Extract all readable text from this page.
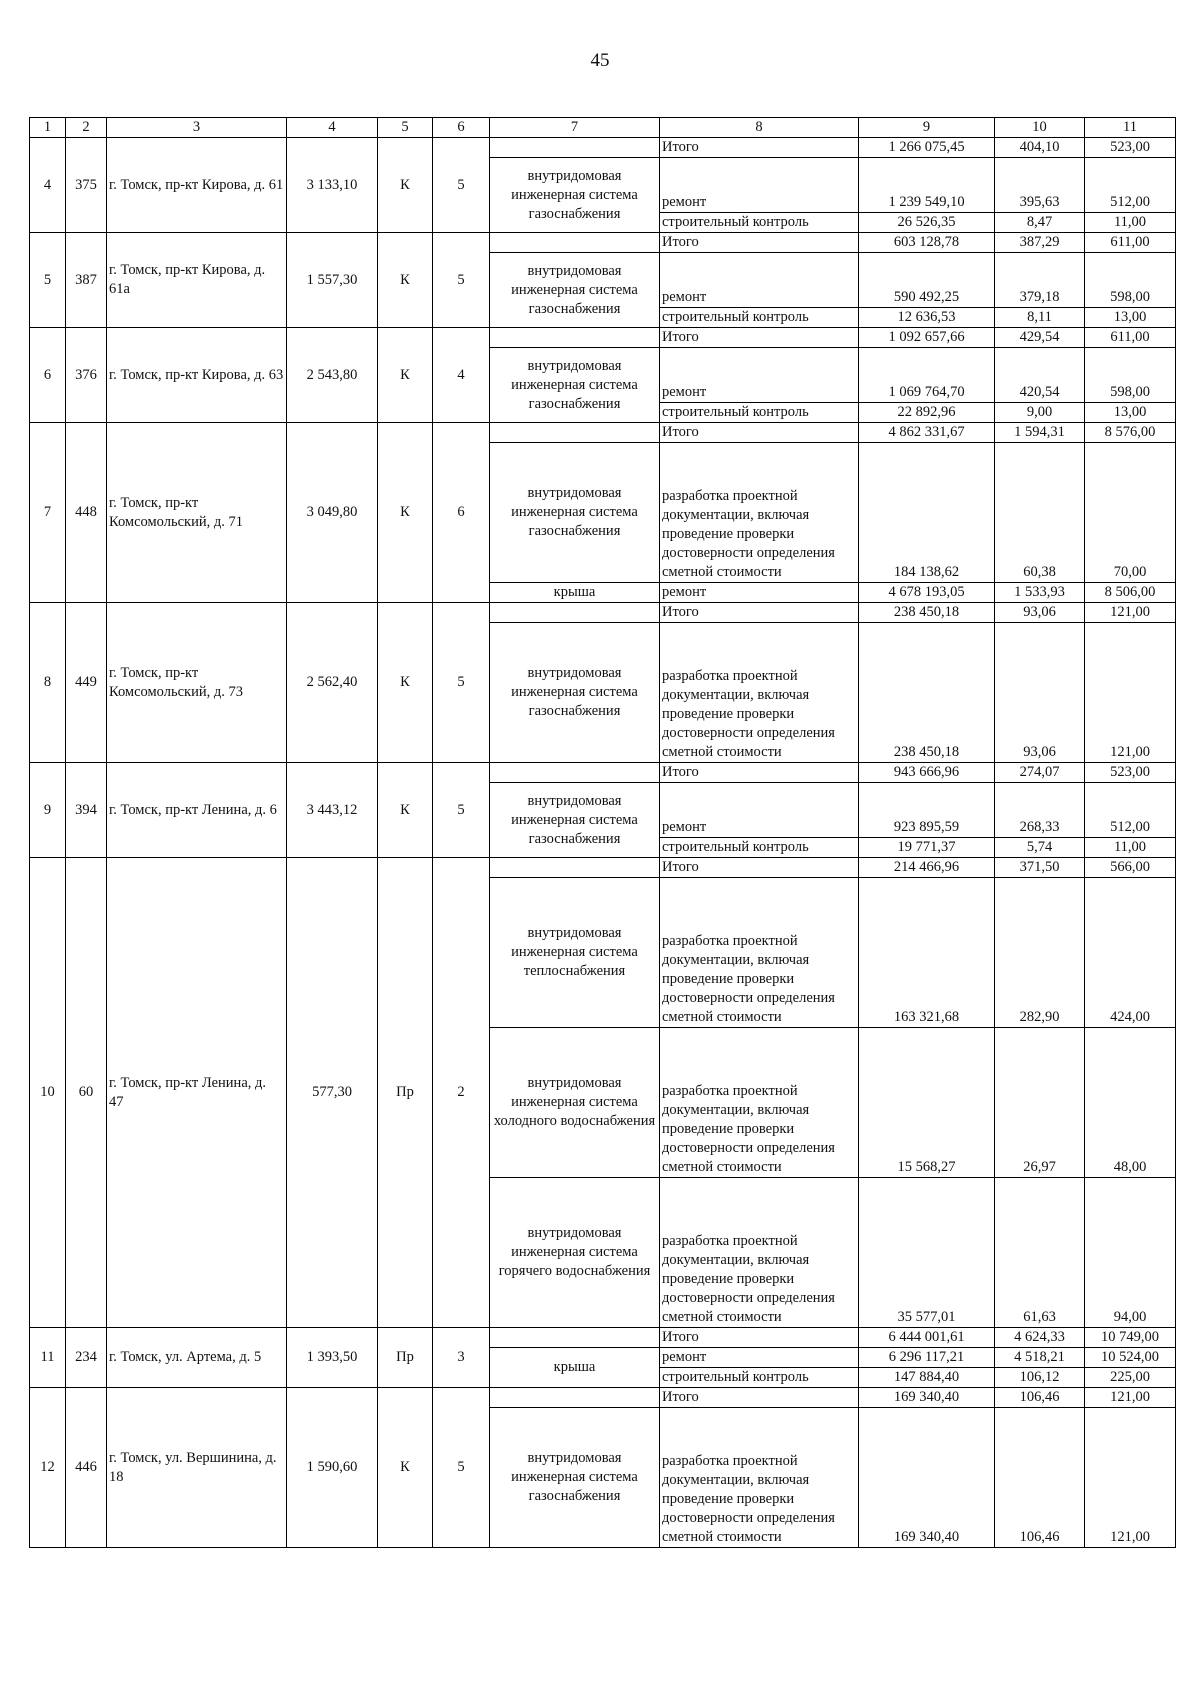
45
1	2	3	4	5	6	7	8	9	10	11
4	375	г. Томск, пр-кт Кирова, д. 61	3 133,10	К	5		Итого	1 266 075,45	404,10	523,00
						внутридомовая инженерная система газоснабжения	ремонт	1 239 549,10	395,63	512,00
							строительный контроль	26 526,35	8,47	11,00
5	387	г. Томск, пр-кт Кирова, д. 61а	1 557,30	К	5		Итого	603 128,78	387,29	611,00
						внутридомовая инженерная система газоснабжения	ремонт	590 492,25	379,18	598,00
							строительный контроль	12 636,53	8,11	13,00
6	376	г. Томск, пр-кт Кирова, д. 63	2 543,80	К	4		Итого	1 092 657,66	429,54	611,00
						внутридомовая инженерная система газоснабжения	ремонт	1 069 764,70	420,54	598,00
							строительный контроль	22 892,96	9,00	13,00
7	448	г. Томск, пр-кт Комсомольский, д. 71	3 049,80	К	6		Итого	4 862 331,67	1 594,31	8 576,00
						внутридомовая инженерная система газоснабжения	разработка проектной документации, включая проведение проверки достоверности определения сметной стоимости	184 138,62	60,38	70,00
						крыша	ремонт	4 678 193,05	1 533,93	8 506,00
8	449	г. Томск, пр-кт Комсомольский, д. 73	2 562,40	К	5		Итого	238 450,18	93,06	121,00
						внутридомовая инженерная система газоснабжения	разработка проектной документации, включая проведение проверки достоверности определения сметной стоимости	238 450,18	93,06	121,00
9	394	г. Томск, пр-кт Ленина, д. 6	3 443,12	К	5		Итого	943 666,96	274,07	523,00
						внутридомовая инженерная система газоснабжения	ремонт	923 895,59	268,33	512,00
							строительный контроль	19 771,37	5,74	11,00
10	60	г. Томск, пр-кт Ленина, д. 47	577,30	Пр	2		Итого	214 466,96	371,50	566,00
						внутридомовая инженерная система теплоснабжения	разработка проектной документации, включая проведение проверки достоверности определения сметной стоимости	163 321,68	282,90	424,00
						внутридомовая инженерная система холодного водоснабжения	разработка проектной документации, включая проведение проверки достоверности определения сметной стоимости	15 568,27	26,97	48,00
						внутридомовая инженерная система горячего водоснабжения	разработка проектной документации, включая проведение проверки достоверности определения сметной стоимости	35 577,01	61,63	94,00
11	234	г. Томск, ул. Артема, д. 5	1 393,50	Пр	3		Итого	6 444 001,61	4 624,33	10 749,00
						крыша	ремонт	6 296 117,21	4 518,21	10 524,00
							строительный контроль	147 884,40	106,12	225,00
12	446	г. Томск, ул. Вершинина, д. 18	1 590,60	К	5		Итого	169 340,40	106,46	121,00
						внутридомовая инженерная система газоснабжения	разработка проектной документации, включая проведение проверки достоверности определения сметной стоимости	169 340,40	106,46	121,00
